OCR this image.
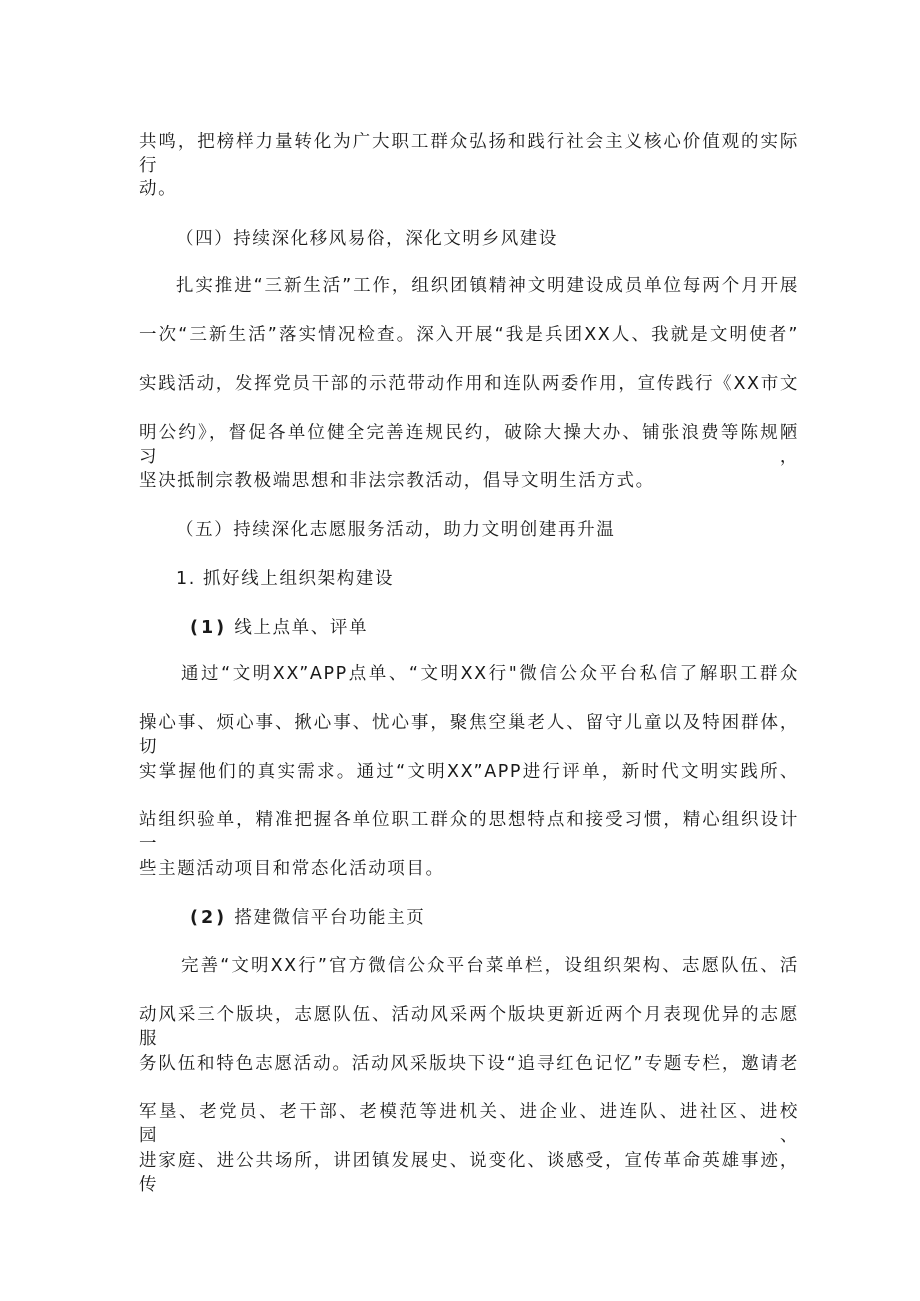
共鸣，把榜样力量转化为广大职工群众弘扬和践行社会主义核心价值观的实际行
动。
（四）持续深化移风易俗，深化文明乡风建设
扎实推进“三新生活”工作，组织团镇精神文明建设成员单位每两个月开展
一次“三新生活”落实情况检查。深入开展“我是兵团XX人、我就是文明使者”
实践活动，发挥党员干部的示范带动作用和连队两委作用，宣传践行《XX市文
明公约》，督促各单位健全完善连规民约，破除大操大办、铺张浪费等陈规陋习，
坚决抵制宗教极端思想和非法宗教活动，倡导文明生活方式。
（五）持续深化志愿服务活动，助力文明创建再升温
1. 抓好线上组织架构建设
(1) 线上点单、评单
通过“文明XX”APP点单、“文明XX行"微信公众平台私信了解职工群众
操心事、烦心事、揪心事、忧心事，聚焦空巢老人、留守儿童以及特困群体，切
实掌握他们的真实需求。通过“文明XX”APP进行评单，新时代文明实践所、
站组织验单，精准把握各单位职工群众的思想特点和接受习惯，精心组织设计一
些主题活动项目和常态化活动项目。
(2) 搭建微信平台功能主页
完善“文明XX行”官方微信公众平台菜单栏，设组织架构、志愿队伍、活
动风采三个版块，志愿队伍、活动风采两个版块更新近两个月表现优异的志愿服
务队伍和特色志愿活动。活动风采版块下设“追寻红色记忆”专题专栏，邀请老
军垦、老党员、老干部、老模范等进机关、进企业、进连队、进社区、进校园、
进家庭、进公共场所，讲团镇发展史、说变化、谈感受，宣传革命英雄事迹，传
